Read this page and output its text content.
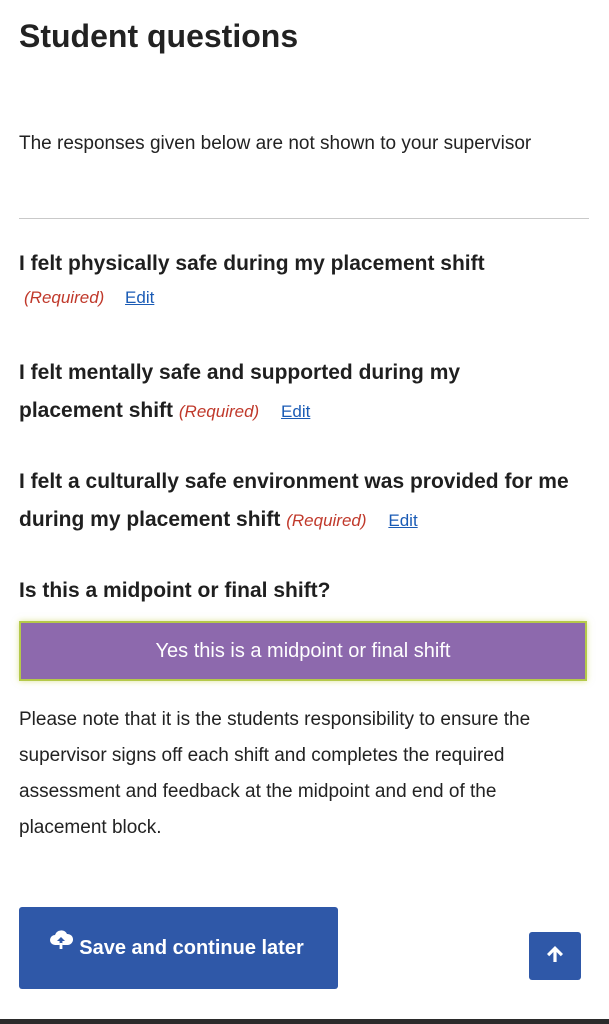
Student questions

The responses given below are not shown to your supervisor

I felt physically safe during my placement shift

(Required) Edit

I felt mentally safe and supported during my placement shift (Required) Edit

I felt a culturally safe environment was provided for me during my placement shift (Required) Edit

Is this a midpoint or final shift?

Yes this is a midpoint or final shift

Please note that it is the students responsibility to ensure the supervisor signs off each shift and completes the required assessment and feedback at the midpoint and end of the placement block.

Save and continue later
